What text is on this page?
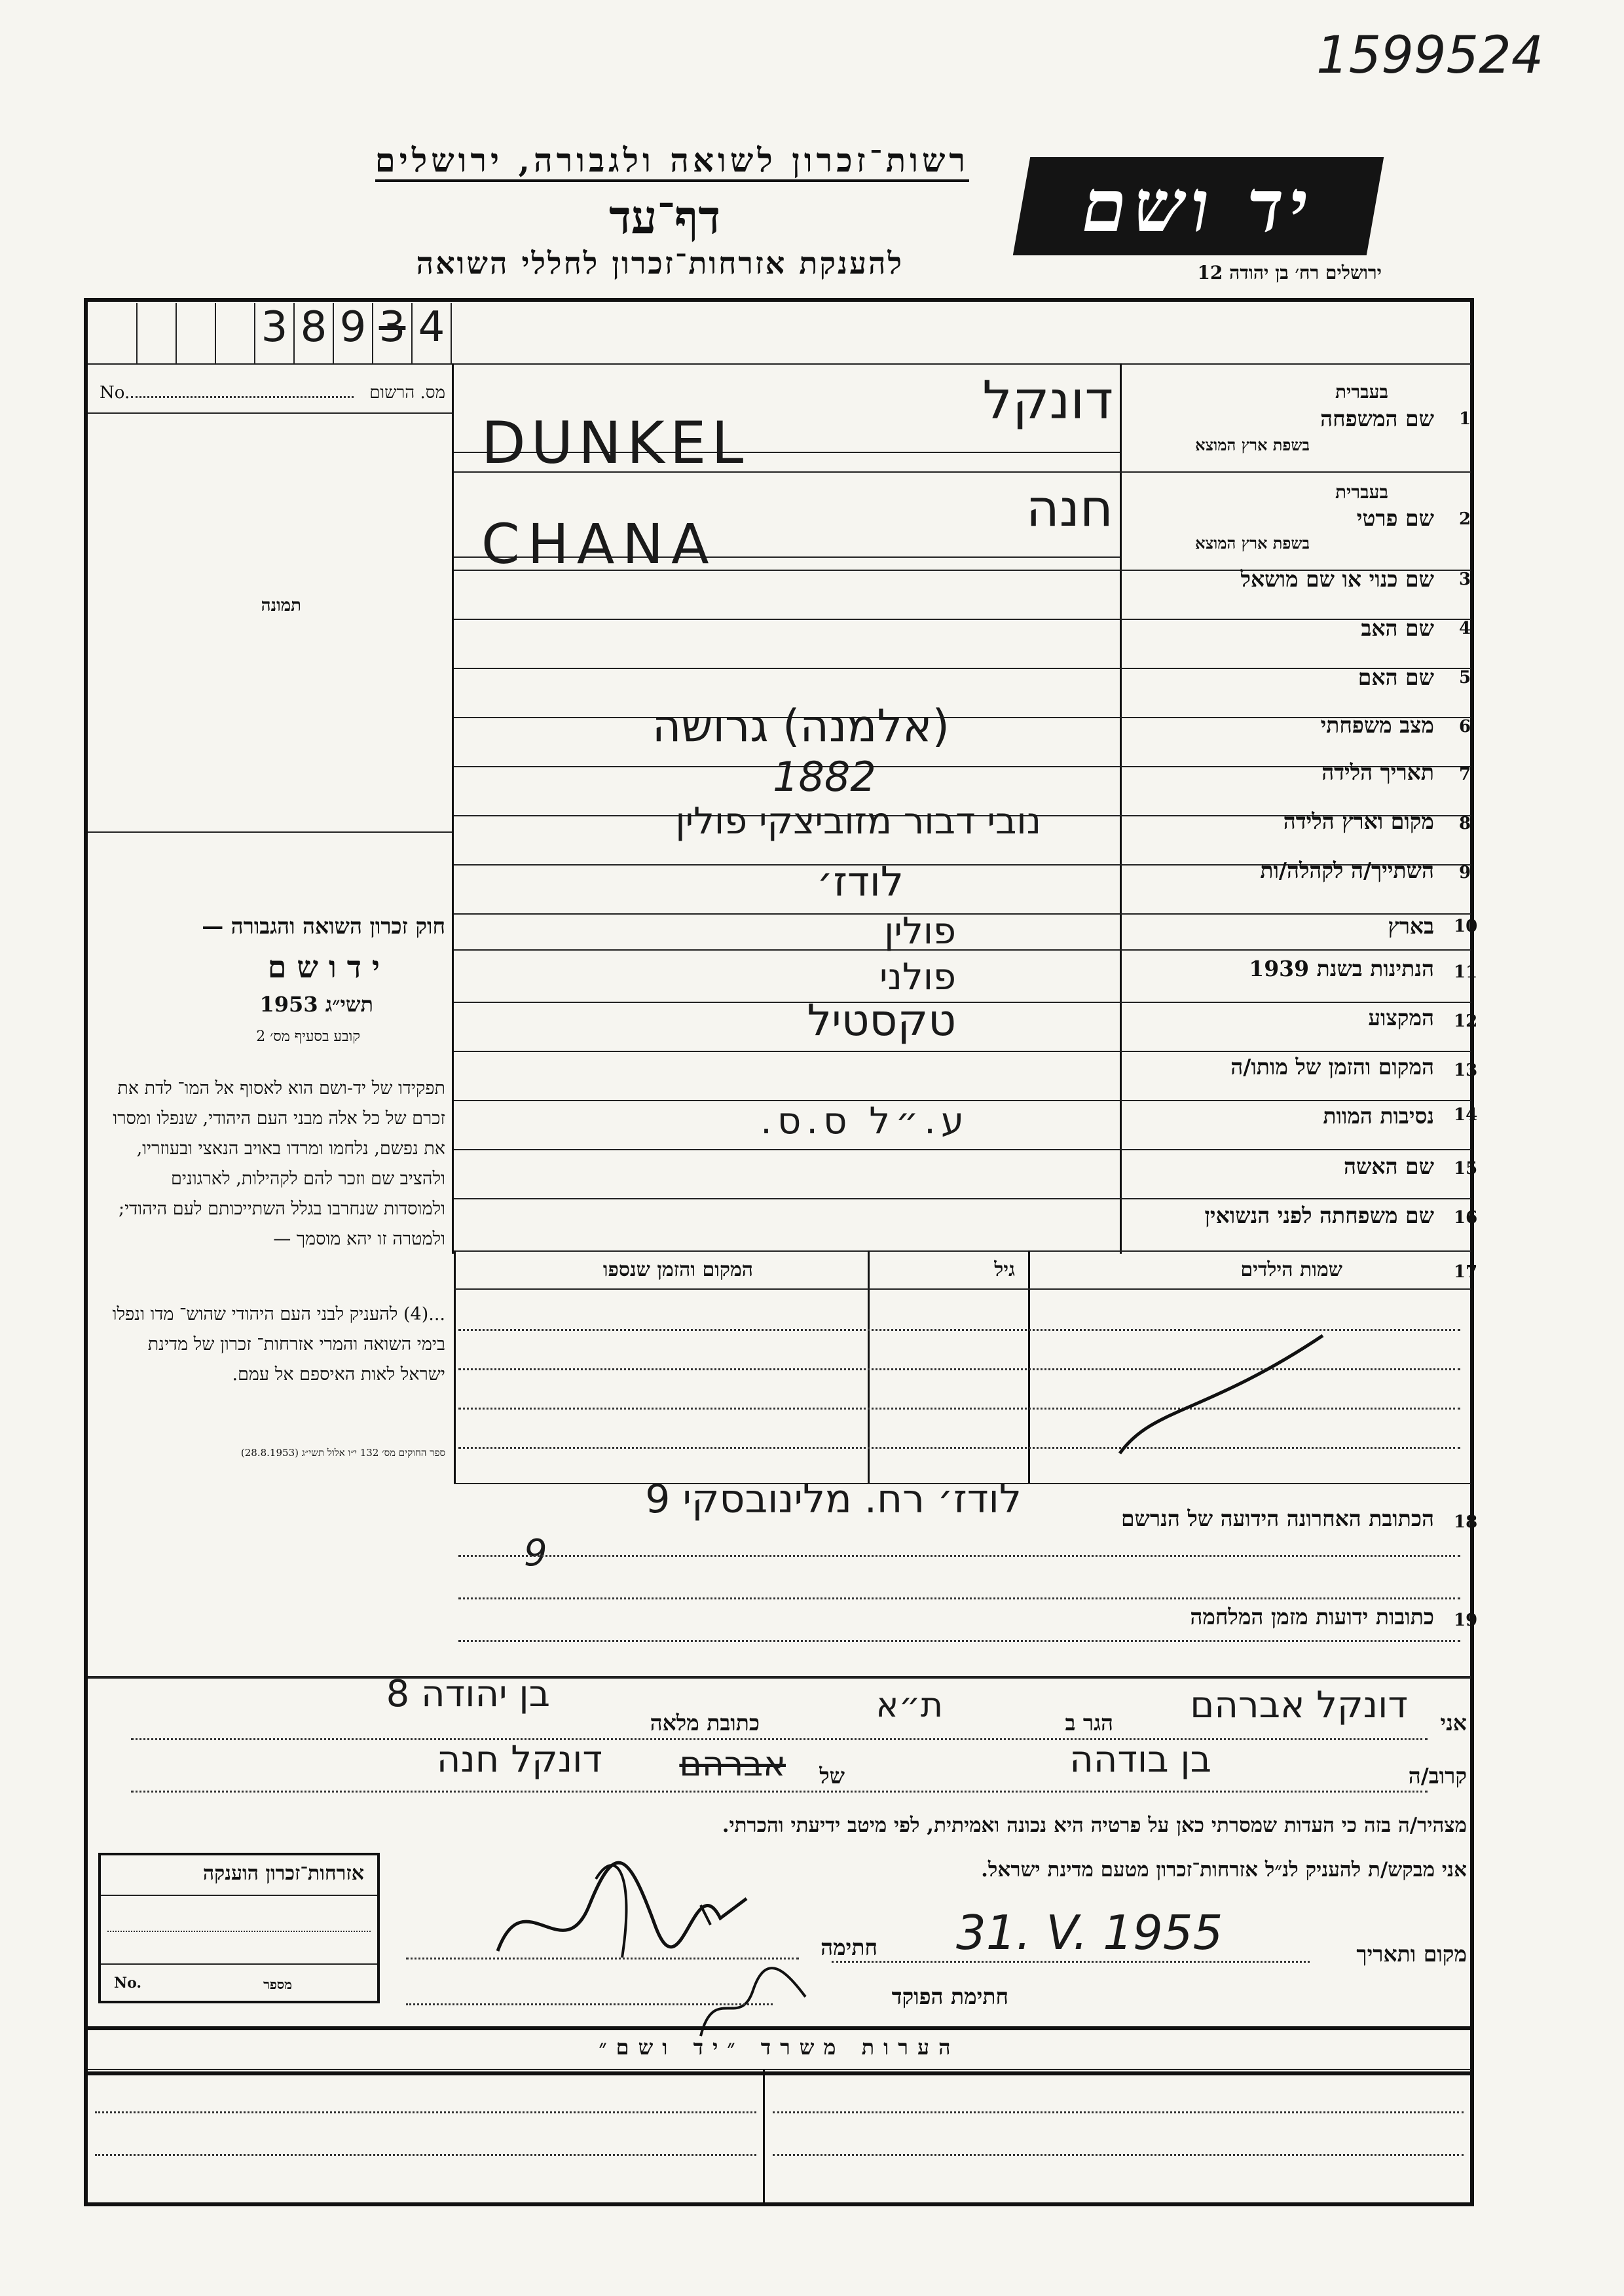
1599524
רשות־זכרון לשואה ולגבורה, ירושלים
דף־עד
להענקת אזרחות־זכרון לחללי השואה
יד ושם
ירושלים רח׳ בן יהודה 12
3 8 9 3 4
No.	מס. הרשום
תמונה
חוק זכרון השואה והגבורה —
י ד ו ש ם
תשי״ג 1953
קובע בסעיף מס׳ 2
תפקידו של יד-ושם הוא לאסוף אל המו־ לדת את זכרם של כל אלה מבני העם היהודי, שנפלו ומסרו את נפשם, נלחמו ומרדו באויב הנאצי ובעוזריו, ולהציב שם וזכר להם לקהילות, לארגונים ולמוסדות שנחרבו בגלל השתייכותם לעם היהודי; ולמטרה זו יהא מוסמך —
...(4) להעניק לבני העם היהודי שהוש־ מדו ונפלו בימי השואה והמרי אזרחות־ זכרון של מדינת ישראל לאות האיספם אל עמם.
ספר החוקים מס׳ 132 י״ו אלול תשי״ג (28.8.1953)
בעברית
שם המשפחה 1
בשפת ארץ המוצא
בעברית
שם פרטי 2
בשפת ארץ המוצא
שם כנוי או שם מושאל 3
שם האב 4
שם האם 5
מצב משפחתי 6
תאריך הלידה 7
מקום וארץ הלידה 8
השתייך/ה לקהלה/ות 9
בארץ 10
הנתינות בשנת 1939 11
המקצוע 12
המקום והזמן של מותו/ה 13
נסיבות המוות 14
שם האשה 15
שם משפחתה לפני הנשואין 16
דונקל
DUNKEL
חנה
CHANA
(אלמנה) גרושה
1882
נובי דבור מזוביצקי פולין
לודז׳
פולין
פולני
טקסטיל
ע.״ל ס.ס.
17
שמות הילדים
גיל
המקום והזמן שנספו
18
הכתובת האחרונה הידועה של הנרשם
לודז׳ רח. מלינובסקי 9
9
19
כתובות ידועות מזמן המלחמה
אני
דונקל אברהם
הגר ב
ת״א
כתובת מלאה
בן יהודה 8
קרוב/ה
בן בודהה
אברהם של
דונקל חנה
מצהיר/ה בזה כי העדות שמסרתי כאן על פרטיה היא נכונה ואמיתית, לפי מיטב ידיעתי והכרתי.
אני מבקש/ת להעניק לנ״ל אזרחות־זכרון מטעם מדינת ישראל.
מקום ותאריך
31. V. 1955
חתימה
חתימת הפוקד
אזרחות־זכרון הוענקה
מספר
No.
הערות משרד ״יד ושם״
